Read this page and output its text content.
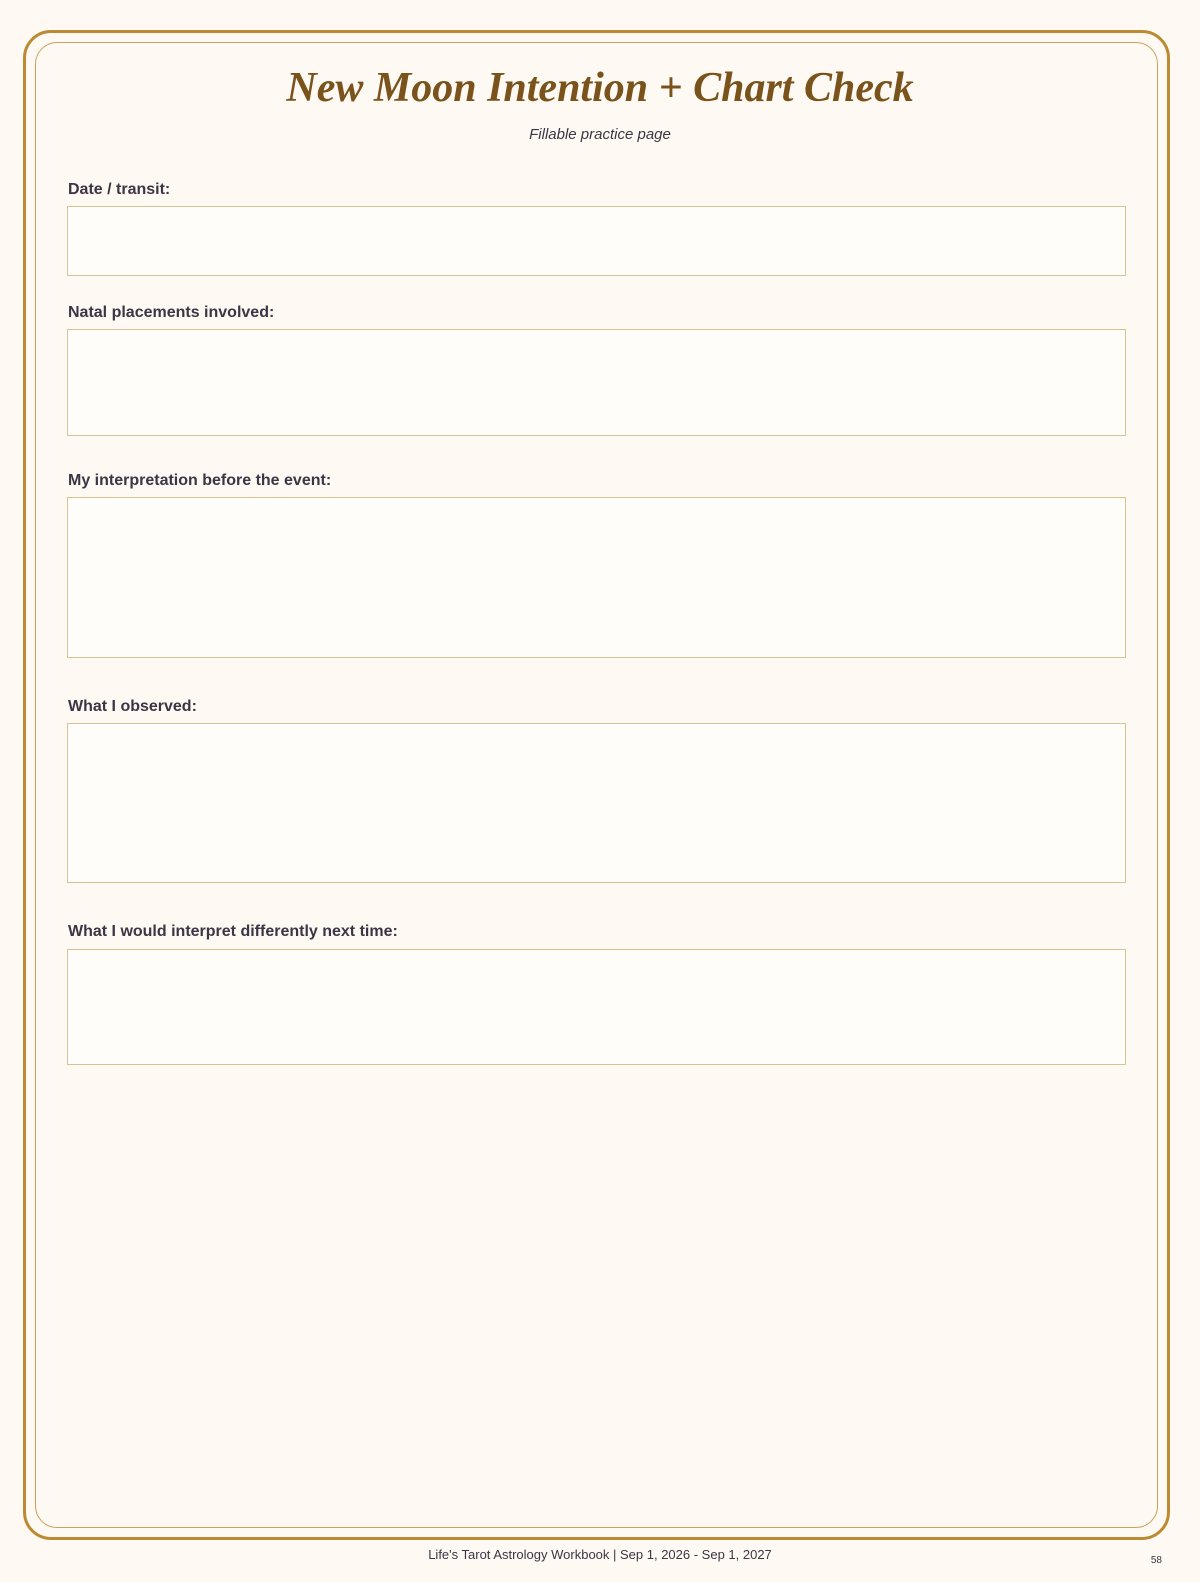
New Moon Intention + Chart Check
Fillable practice page
Date / transit:
Natal placements involved:
My interpretation before the event:
What I observed:
What I would interpret differently next time:
Life's Tarot Astrology Workbook | Sep 1, 2026 - Sep 1, 2027	58
